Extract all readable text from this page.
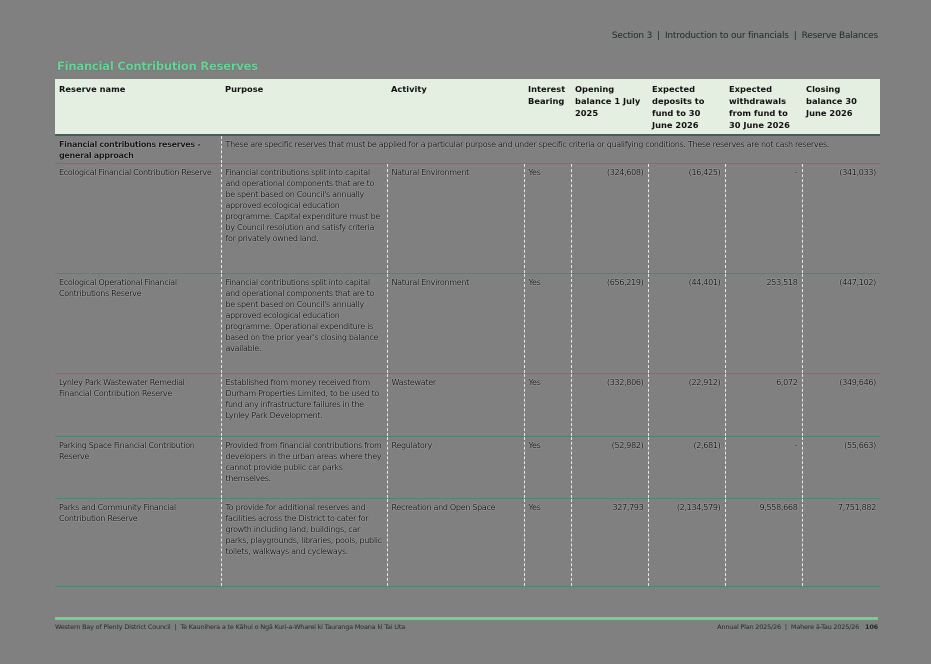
Section 3 | Introduction to our financials | Reserve Balances
Financial Contribution Reserves
Reserve name	Purpose	Activity	Interest Bearing	Opening balance 1 July 2025	Expected deposits to fund to 30 June 2026	Expected withdrawals from fund to 30 June 2026	Closing balance 30 June 2026
Financial contributions reserves - general approach	These are specific reserves that must be applied for a particular purpose and under specific criteria or qualifying conditions. These reserves are not cash reserves.						
Ecological Financial Contribution Reserve	Financial contributions split into capital and operational components that are to be spent based on Council's annually approved ecological education programme. Capital expenditure must be by Council resolution and satisfy criteria for privately owned land.	Natural Environment	Yes	(324,608)	(16,425)	-	(341,033)
Ecological Operational Financial Contributions Reserve	Financial contributions split into capital and operational components that are to be spent based on Council's annually approved ecological education programme. Operational expenditure is based on the prior year's closing balance available.	Natural Environment	Yes	(656,219)	(44,401)	253,518	(447,102)
Lynley Park Wastewater Remedial Financial Contribution Reserve	Established from money received from Durham Properties Limited, to be used to fund any infrastructure failures in the Lynley Park Development.	Wastewater	Yes	(332,806)	(22,912)	6,072	(349,646)
Parking Space Financial Contribution Reserve	Provided from financial contributions from developers in the urban areas where they cannot provide public car parks themselves.	Regulatory	Yes	(52,982)	(2,681)	-	(55,663)
Parks and Community Financial Contribution Reserve	To provide for additional reserves and facilities across the District to cater for growth including land, buildings, car parks, playgrounds, libraries, pools, public toilets, walkways and cycleways.	Recreation and Open Space	Yes	327,793	(2,134,579)	9,558,668	7,751,882
Western Bay of Plenty District Council | Te Kaunihera a te Kāhui o Ngā Kuri-a-Wharei ki Tauranga Moana ki Tai Uta	Annual Plan 2025/26 | Mahere ā-Tau 2025/26 106
